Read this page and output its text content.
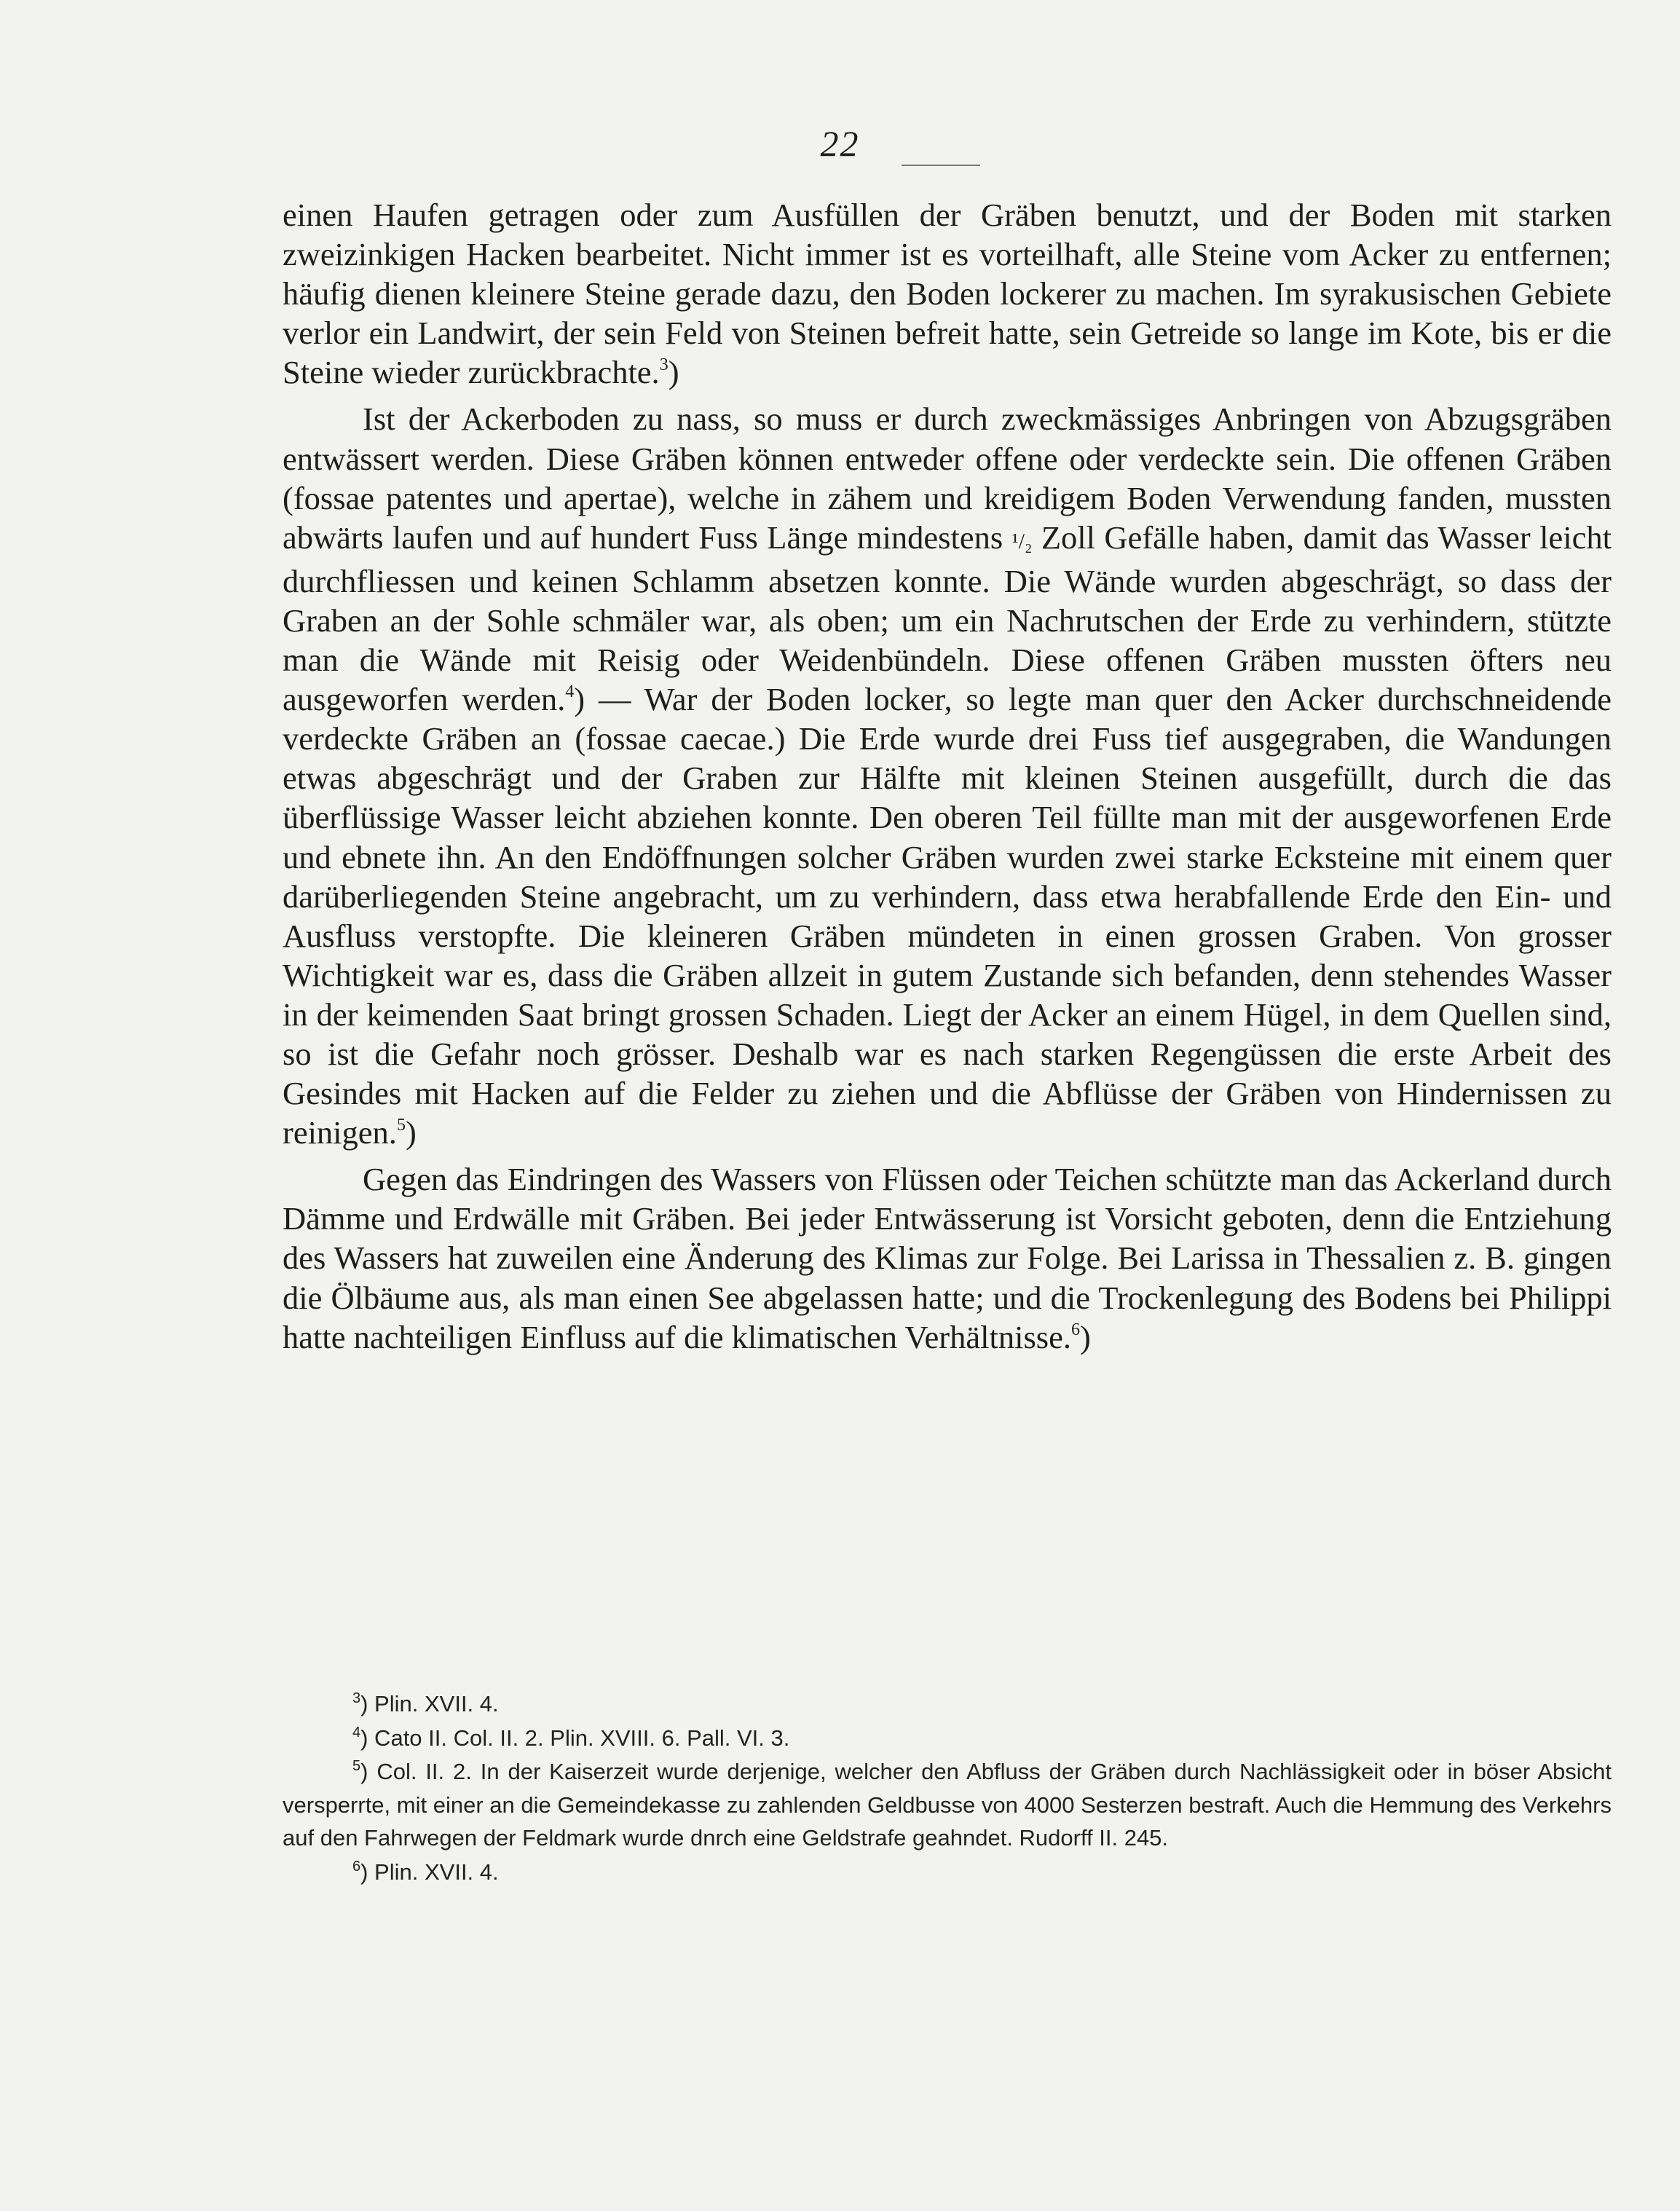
22

einen Haufen getragen oder zum Ausfüllen der Gräben benutzt, und der Boden mit starken zweizinkigen Hacken bearbeitet. Nicht immer ist es vorteilhaft, alle Steine vom Acker zu entfernen; häufig dienen kleinere Steine gerade dazu, den Boden lockerer zu machen. Im syrakusischen Gebiete verlor ein Landwirt, der sein Feld von Steinen befreit hatte, sein Getreide so lange im Kote, bis er die Steine wieder zurückbrachte.$^3$)

Ist der Ackerboden zu nass, so muss er durch zweckmässiges Anbringen von Abzugsgräben entwässert werden. Diese Gräben können entweder offene oder verdeckte sein. Die offenen Gräben (fossae patentes und apertae), welche in zähem und kreidigem Boden Verwendung fanden, mussten abwärts laufen und auf hundert Fuss Länge mindestens ¹/₂ Zoll Gefälle haben, damit das Wasser leicht durchfliessen und keinen Schlamm absetzen konnte. Die Wände wurden abgeschrägt, so dass der Graben an der Sohle schmäler war, als oben; um ein Nachrutschen der Erde zu verhindern, stützte man die Wände mit Reisig oder Weidenbündeln. Diese offenen Gräben mussten öfters neu ausgeworfen werden.$^4$) — War der Boden locker, so legte man quer den Acker durchschneidende verdeckte Gräben an (fossae caecae.) Die Erde wurde drei Fuss tief ausgegraben, die Wandungen etwas abgeschrägt und der Graben zur Hälfte mit kleinen Steinen ausgefüllt, durch die das überflüssige Wasser leicht abziehen konnte. Den oberen Teil füllte man mit der ausgeworfenen Erde und ebnete ihn. An den Endöffnungen solcher Gräben wurden zwei starke Ecksteine mit einem quer darüberliegenden Steine angebracht, um zu verhindern, dass etwa herabfallende Erde den Ein- und Ausfluss verstopfte. Die kleineren Gräben mündeten in einen grossen Graben. Von grosser Wichtigkeit war es, dass die Gräben allzeit in gutem Zustande sich befanden, denn stehendes Wasser in der keimenden Saat bringt grossen Schaden. Liegt der Acker an einem Hügel, in dem Quellen sind, so ist die Gefahr noch grösser. Deshalb war es nach starken Regengüssen die erste Arbeit des Gesindes mit Hacken auf die Felder zu ziehen und die Abflüsse der Gräben von Hindernissen zu reinigen.$^5$)

Gegen das Eindringen des Wassers von Flüssen oder Teichen schützte man das Ackerland durch Dämme und Erdwälle mit Gräben. Bei jeder Entwässerung ist Vorsicht geboten, denn die Entziehung des Wassers hat zuweilen eine Änderung des Klimas zur Folge. Bei Larissa in Thessalien z. B. gingen die Ölbäume aus, als man einen See abgelassen hatte; und die Trockenlegung des Bodens bei Philippi hatte nachteiligen Einfluss auf die klimatischen Verhältnisse.$^6$)

$^3$) Plin. XVII. 4.

$^4$) Cato II. Col. II. 2. Plin. XVIII. 6. Pall. VI. 3.

$^5$) Col. II. 2. In der Kaiserzeit wurde derjenige, welcher den Abfluss der Gräben durch Nachlässigkeit oder in böser Absicht versperrte, mit einer an die Gemeindekasse zu zahlenden Geldbusse von 4000 Sesterzen bestraft. Auch die Hemmung des Verkehrs auf den Fahrwegen der Feldmark wurde dnrch eine Geldstrafe geahndet. Rudorff II. 245.

$^6$) Plin. XVII. 4.
